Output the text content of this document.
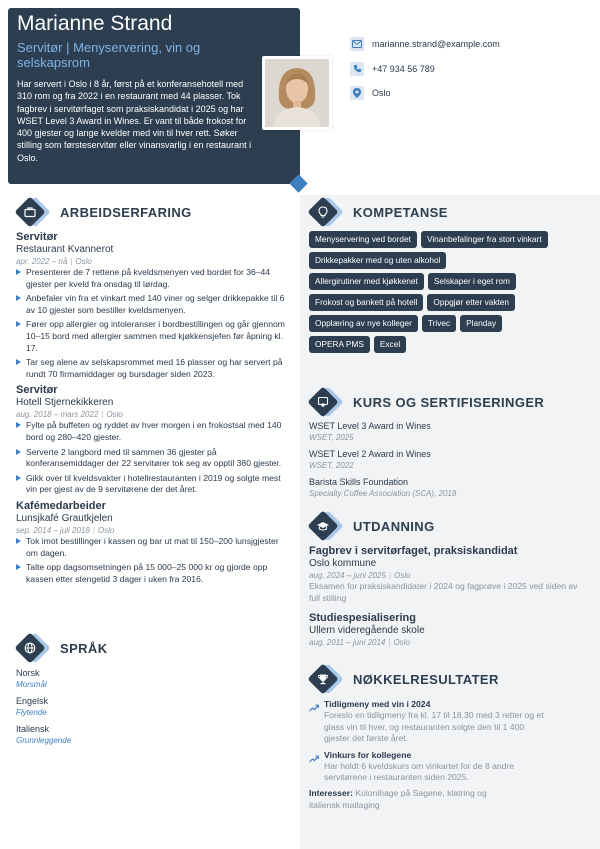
Marianne Strand
Servitør | Menyservering, vin og selskapsrom
Har servert i Oslo i 8 år, først på et konferansehotell med 310 rom og fra 2022 i en restaurant med 44 plasser. Tok fagbrev i servitørfaget som praksiskandidat i 2025 og har WSET Level 3 Award in Wines. Er vant til både frokost for 400 gjester og lange kvelder med vin til hver rett. Søker stilling som førsteservitør eller vinansvarlig i en restaurant i Oslo.
marianne.strand@example.com
+47 934 56 789
Oslo
ARBEIDSERFARING
Servitør
Restaurant Kvannerot
apr. 2022 – nå | Oslo
Presenterer de 7 rettene på kveldsmenyen ved bordet for 36–44 gjester per kveld fra onsdag til lørdag.
Anbefaler vin fra et vinkart med 140 viner og selger drikkepakke til 6 av 10 gjester som bestiller kveldsmenyen.
Fører opp allergier og intoleranser i bordbestillingen og går gjennom 10–15 bord med allergier sammen med kjøkkensjefen før åpning kl. 17.
Tar seg alene av selskapsrommet med 16 plasser og har servert på rundt 70 firmamiddager og bursdager siden 2023.
Servitør
Hotell Stjernekikkeren
aug. 2018 – mars 2022 | Oslo
Fylte på buffeten og ryddet av hver morgen i en frokostsal med 140 bord og 280–420 gjester.
Serverte 2 langbord med til sammen 36 gjester på konferansemiddager der 22 servitører tok seg av opptil 380 gjester.
Gikk over til kveldsvakter i hotellrestauranten i 2019 og solgte mest vin per gjest av de 9 servitørene der det året.
Kafémedarbeider
Lunsjkafé Grautkjelen
sep. 2014 – juli 2018 | Oslo
Tok imot bestillinger i kassen og bar ut mat til 150–200 lunsjgjester om dagen.
Talte opp dagsomsetningen på 15 000–25 000 kr og gjorde opp kassen etter stengetid 3 dager i uken fra 2016.
SPRÅK
Norsk
Morsmål
Engelsk
Flytende
Italiensk
Grunnleggende
KOMPETANSE
Menyservering ved bordet	Vinanbefalinger fra stort vinkart
Drikkepakker med og uten alkohol
Allergirutiner med kjøkkenet	Selskaper i eget rom
Frokost og bankett på hotell	Oppgjør etter vakten
Opplæring av nye kolleger	Trivec	Planday
OPERA PMS	Excel
KURS OG SERTIFISERINGER
WSET Level 3 Award in Wines
WSET, 2025
WSET Level 2 Award in Wines
WSET, 2022
Barista Skills Foundation
Specialty Coffee Association (SCA), 2018
UTDANNING
Fagbrev i servitørfaget, praksiskandidat
Oslo kommune
aug. 2024 – juni 2025 | Oslo
Eksamen for praksiskandidater i 2024 og fagprøve i 2025 ved siden av full stilling
Studiespesialisering
Ullern videregående skole
aug. 2011 – juni 2014 | Oslo
NØKKELRESULTATER
Tidligmeny med vin i 2024
Foreslo en tidligmeny fra kl. 17 til 18.30 med 3 retter og et glass vin til hver, og restauranten solgte den til 1 400 gjester det første året.
Vinkurs for kollegene
Har holdt 6 kveldskurs om vinkartet for de 8 andre servitørene i restauranten siden 2025.
Interesser: Kolonihage på Sagene, klatring og italiensk matlaging
